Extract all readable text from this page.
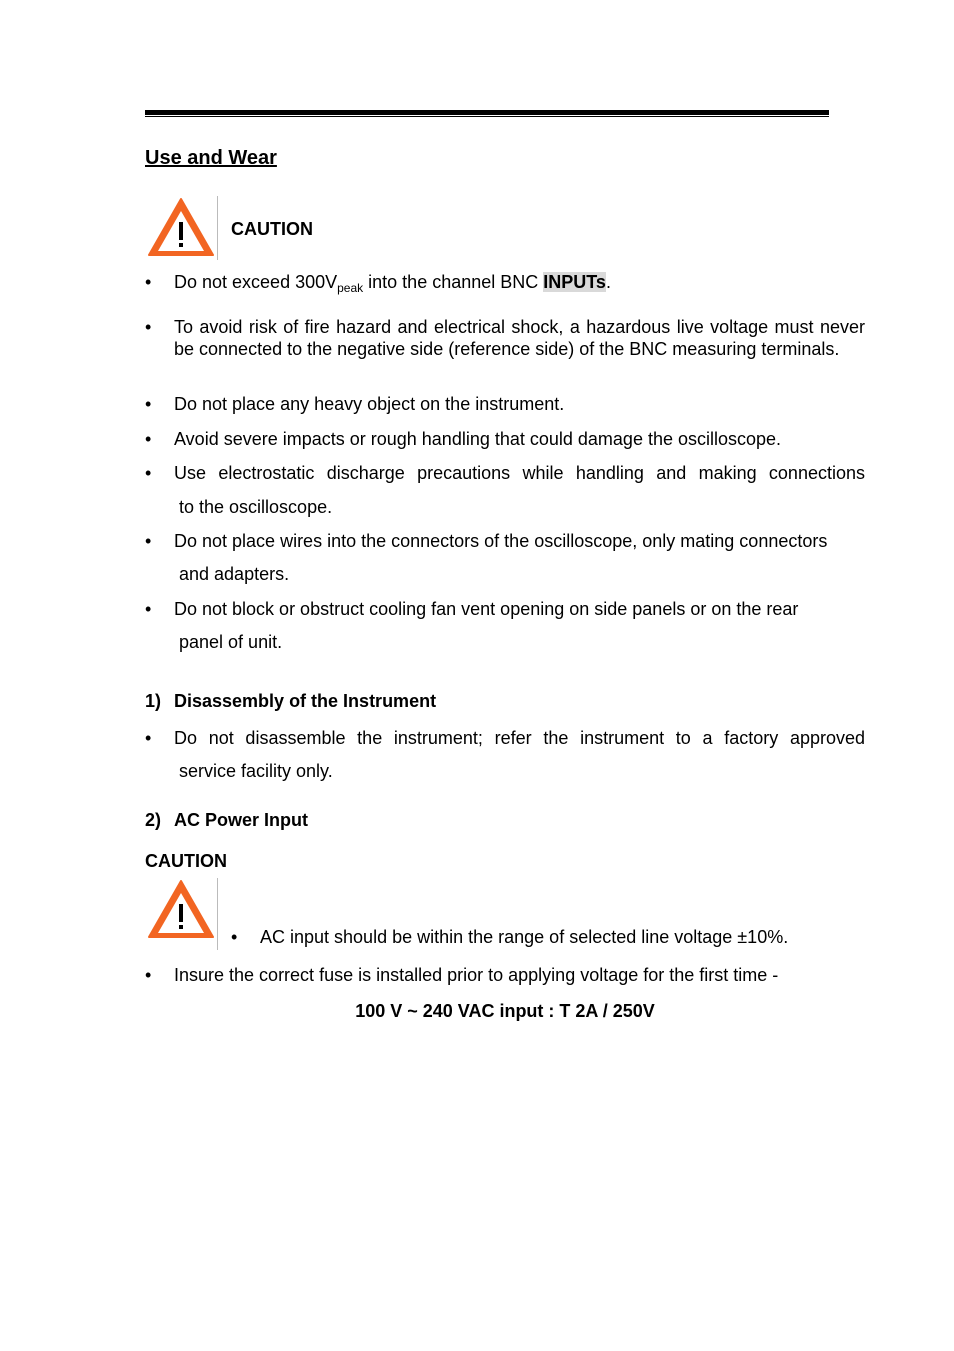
Use and Wear
CAUTION
•	Do not exceed $300V_{peak}$ into the channel BNC INPUTs.
•	To avoid risk of fire hazard and electrical shock, a hazardous live voltage must never be connected to the negative side (reference side) of the BNC measuring terminals.
•	Do not place any heavy object on the instrument.
•	Avoid severe impacts or rough handling that could damage the oscilloscope.
•	Use electrostatic discharge precautions while handling and making connections
to the oscilloscope.
•	Do not place wires into the connectors of the oscilloscope, only mating connectors
and adapters.
•	Do not block or obstruct cooling fan vent opening on side panels or on the rear
panel of unit.
1) Disassembly of the Instrument
•	Do not disassemble the instrument; refer the instrument to a factory approved
service facility only.
2) AC Power Input
CAUTION
•	AC input should be within the range of selected line voltage ±10%.
•	Insure the correct fuse is installed prior to applying voltage for the first time -
100 V ~ 240 VAC input : T 2A / 250V
